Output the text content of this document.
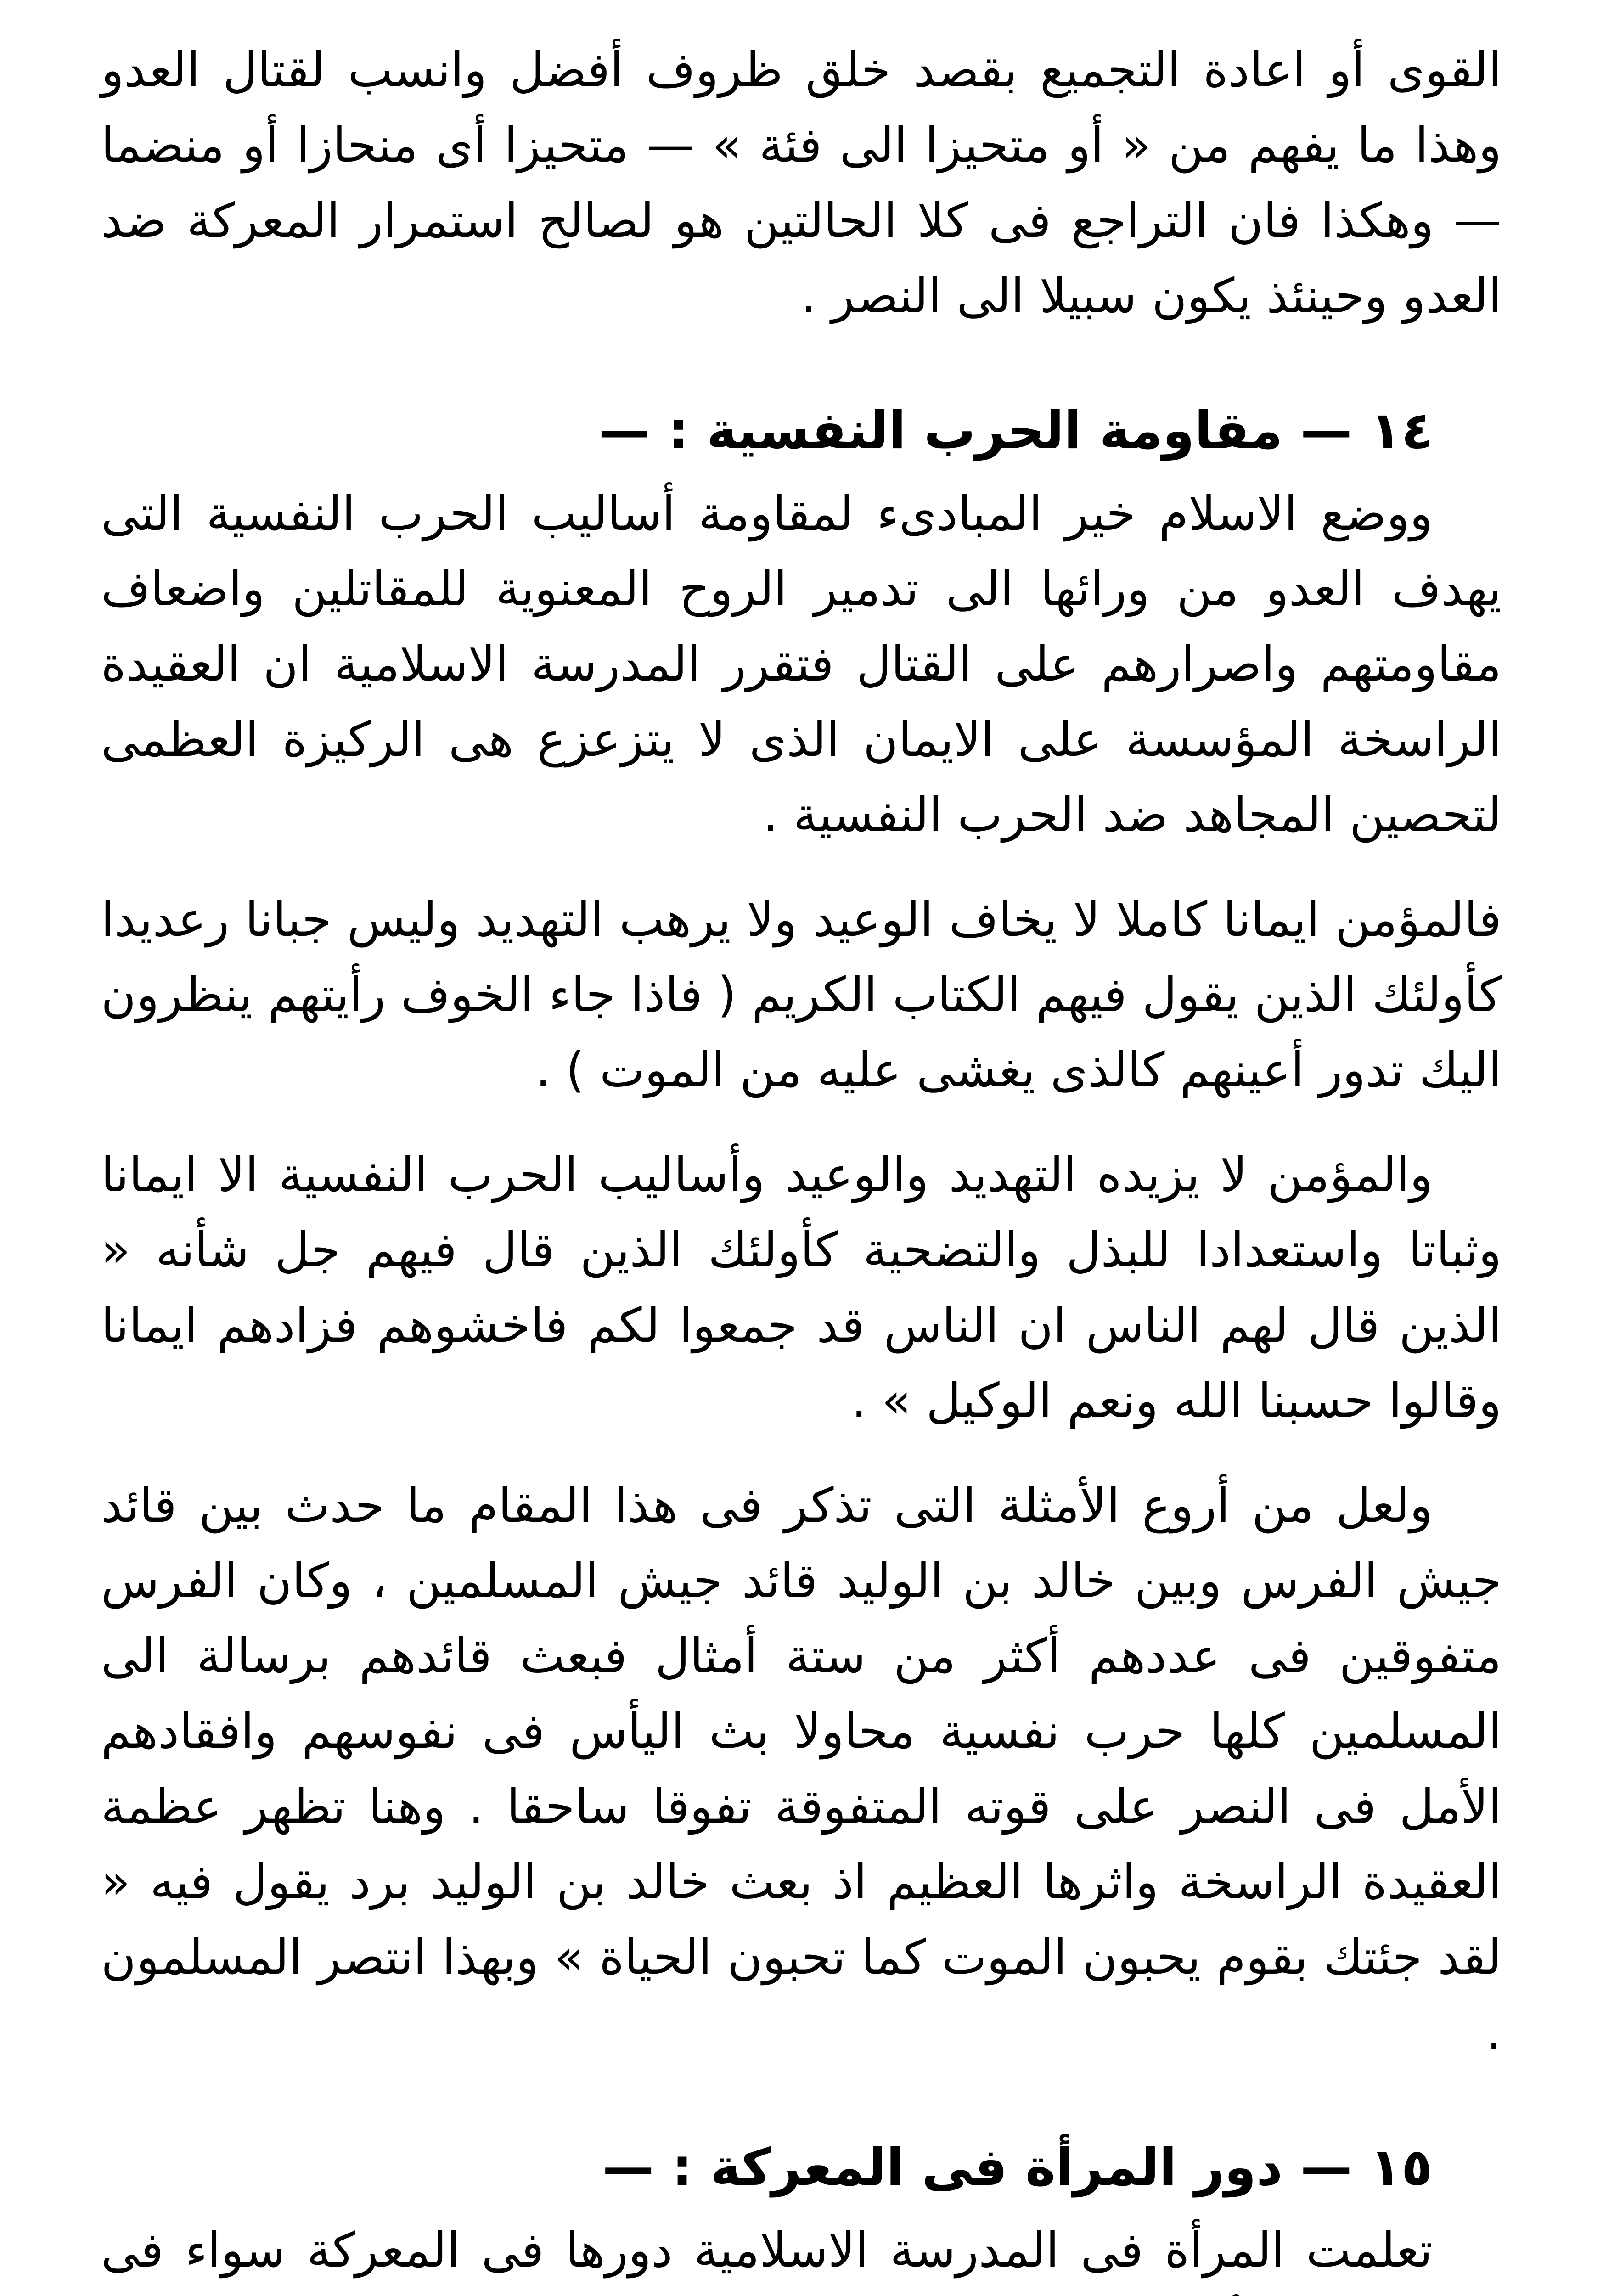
القوى أو اعادة التجميع بقصد خلق ظروف أفضل وانسب لقتال العدو وهذا ما يفهم من « أو متحيزا الى فئة » — متحيزا أى منحازا أو منضما — وهكذا فان التراجع فى كلا الحالتين هو لصالح استمرار المعركة ضد العدو وحينئذ يكون سبيلا الى النصر .

١٤ — مقاومة الحرب النفسية : —

ووضع الاسلام خير المبادىء لمقاومة أساليب الحرب النفسية التى يهدف العدو من ورائها الى تدمير الروح المعنوية للمقاتلين واضعاف مقاومتهم واصرارهم على القتال فتقرر المدرسة الاسلامية ان العقيدة الراسخة المؤسسة على الايمان الذى لا يتزعزع هى الركيزة العظمى لتحصين المجاهد ضد الحرب النفسية .

فالمؤمن ايمانا كاملا لا يخاف الوعيد ولا يرهب التهديد وليس جبانا رعديدا كأولئك الذين يقول فيهم الكتاب الكريم ( فاذا جاء الخوف رأيتهم ينظرون اليك تدور أعينهم كالذى يغشى عليه من الموت ) .

والمؤمن لا يزيده التهديد والوعيد وأساليب الحرب النفسية الا ايمانا وثباتا واستعدادا للبذل والتضحية كأولئك الذين قال فيهم جل شأنه « الذين قال لهم الناس ان الناس قد جمعوا لكم فاخشوهم فزادهم ايمانا وقالوا حسبنا الله ونعم الوكيل » .

ولعل من أروع الأمثلة التى تذكر فى هذا المقام ما حدث بين قائد جيش الفرس وبين خالد بن الوليد قائد جيش المسلمين ، وكان الفرس متفوقين فى عددهم أكثر من ستة أمثال فبعث قائدهم برسالة الى المسلمين كلها حرب نفسية محاولا بث اليأس فى نفوسهم وافقادهم الأمل فى النصر على قوته المتفوقة تفوقا ساحقا . وهنا تظهر عظمة العقيدة الراسخة واثرها العظيم اذ بعث خالد بن الوليد برد يقول فيه « لقد جئتك بقوم يحبون الموت كما تحبون الحياة » وبهذا انتصر المسلمون .

١٥ — دور المرأة فى المعركة : —

تعلمت المرأة فى المدرسة الاسلامية دورها فى المعركة سواء فى
